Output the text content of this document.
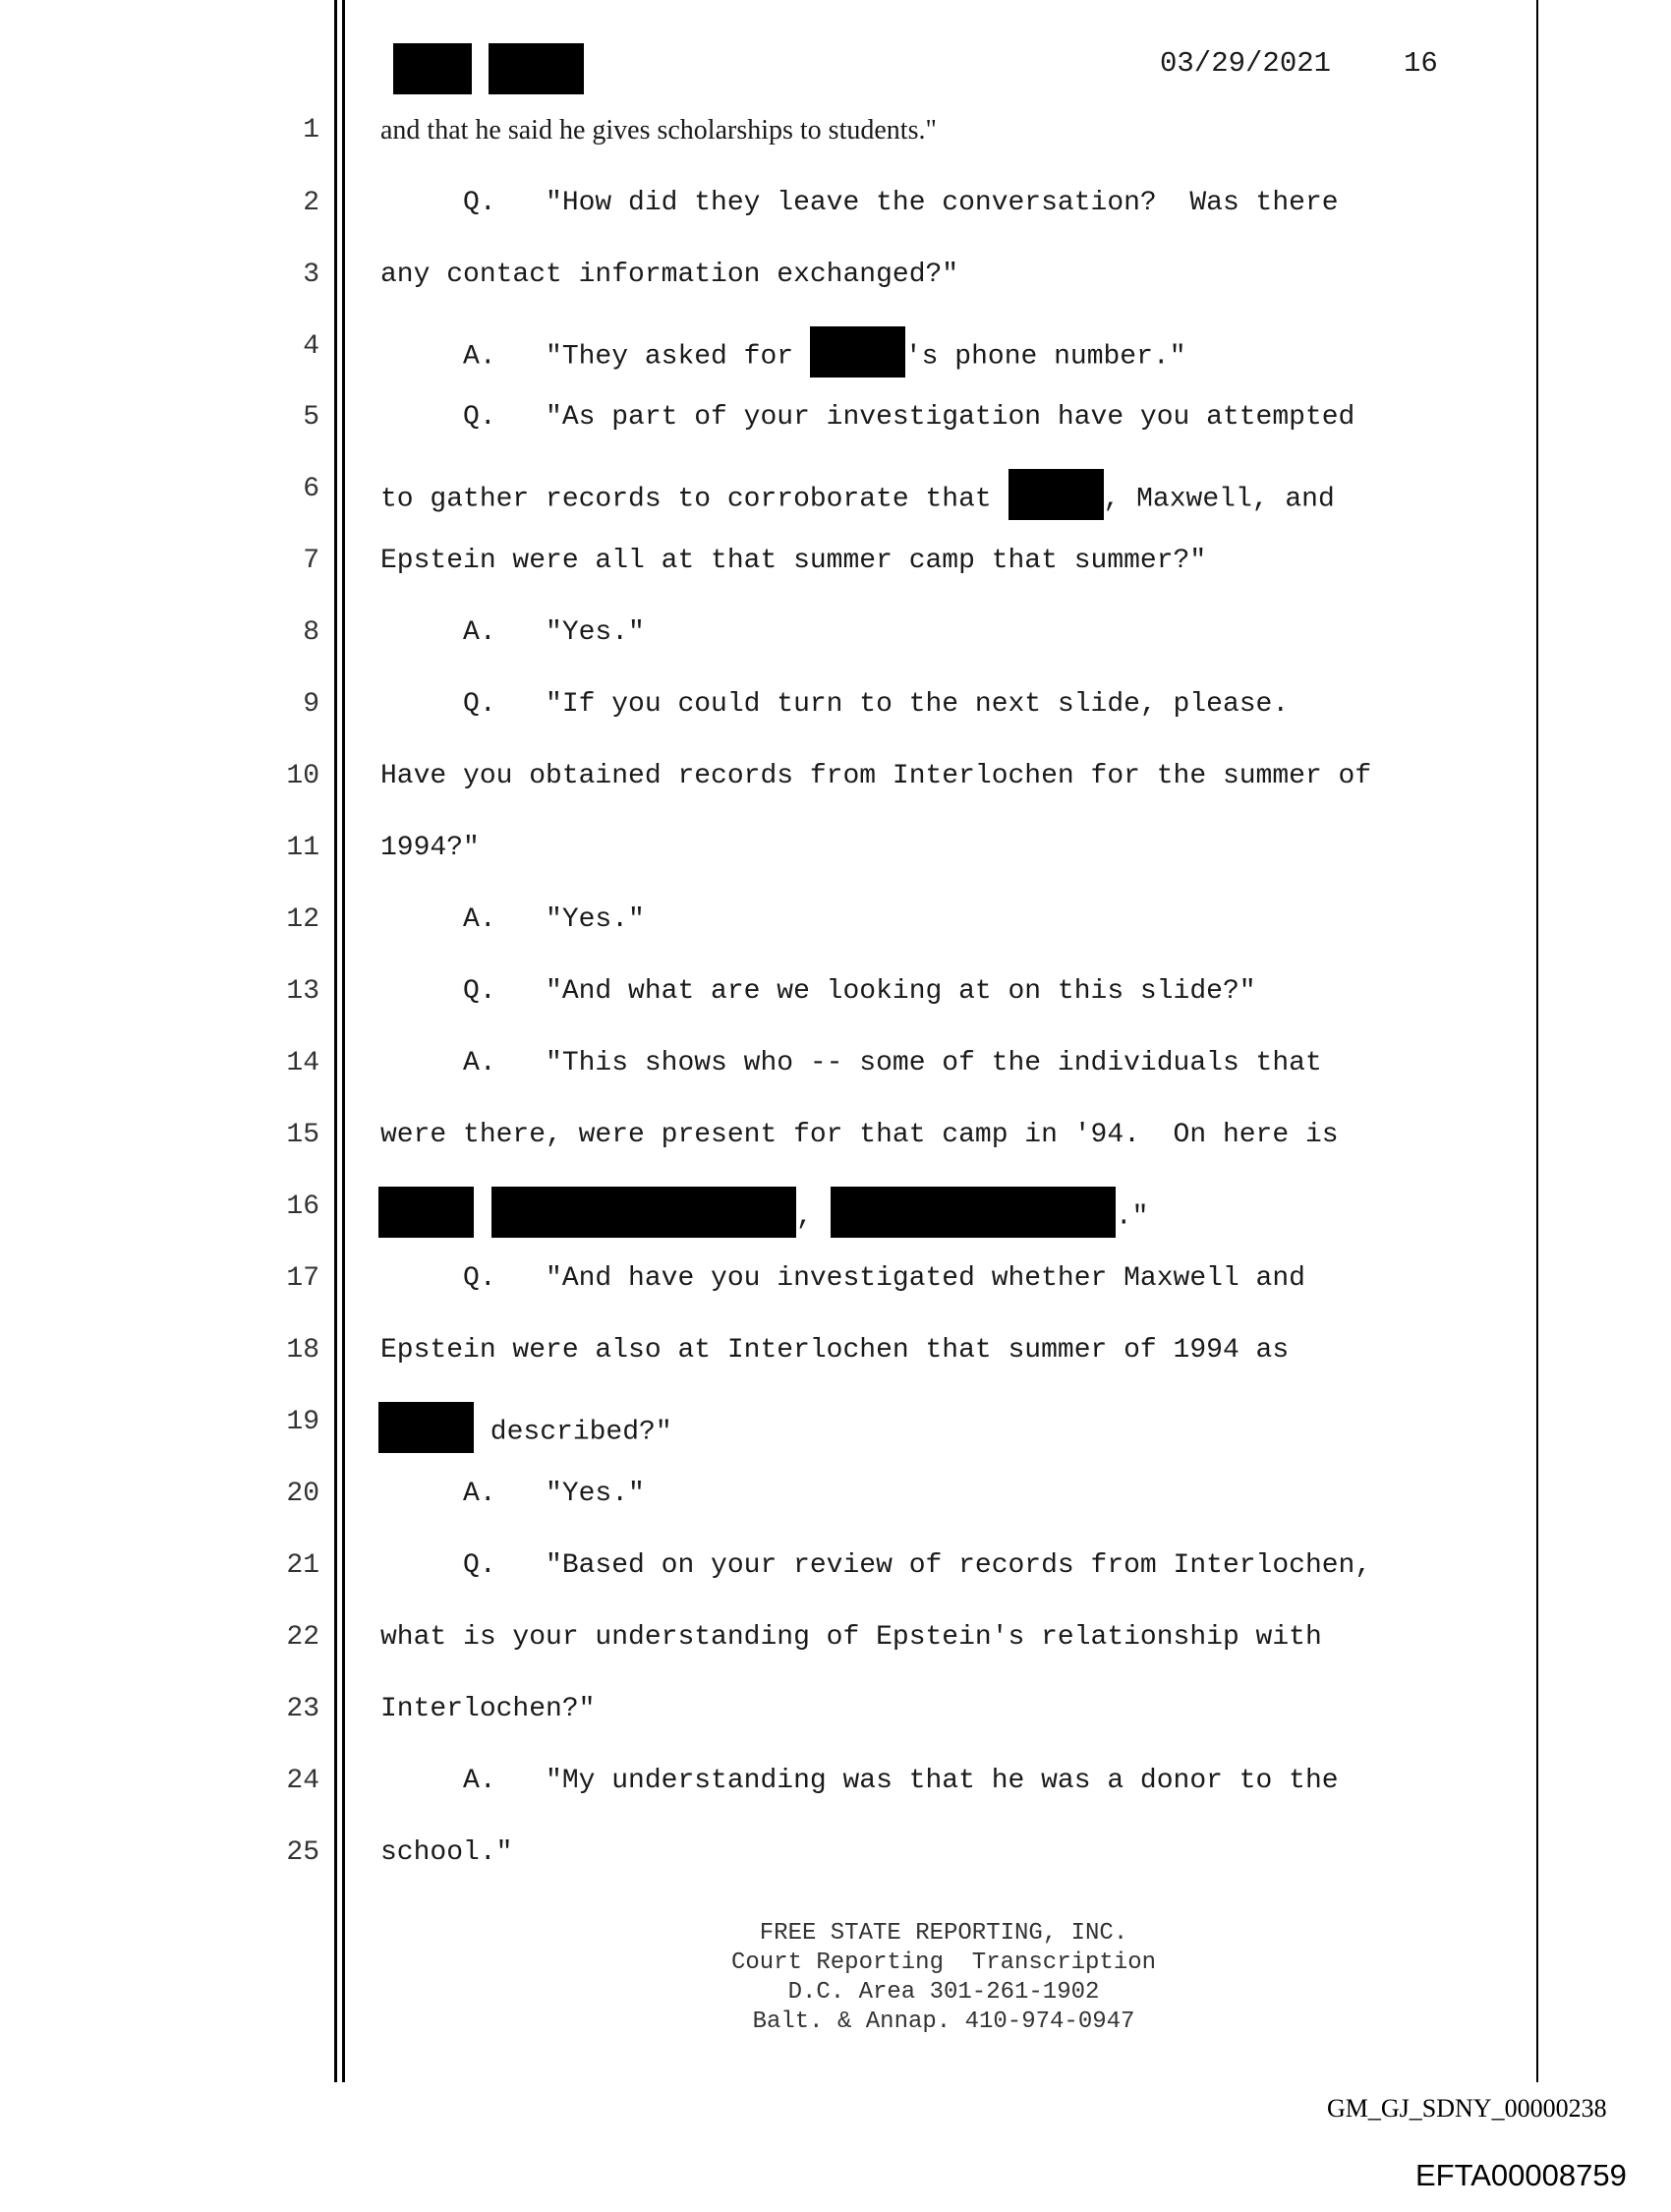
03/29/2021	16
1 and that he said he gives scholarships to students."
2 Q.   "How did they leave the conversation?  Was there
3 any contact information exchanged?"
4 A.   "They asked for	's phone number."
5 Q.   "As part of your investigation have you attempted
6 to gather records to corroborate that	, Maxwell, and
7 Epstein were all at that summer camp that summer?"
8 A.   "Yes."
9 Q.   "If you could turn to the next slide, please.
10 Have you obtained records from Interlochen for the summer of
11 1994?"
12 A.   "Yes."
13 Q.   "And what are we looking at on this slide?"
14 A.   "This shows who -- some of the individuals that
15 were there, were present for that camp in '94.  On here is
16	,	."
17 Q.   "And have you investigated whether Maxwell and
18 Epstein were also at Interlochen that summer of 1994 as
19	described?"
20 A.   "Yes."
21 Q.   "Based on your review of records from Interlochen,
22 what is your understanding of Epstein's relationship with
23 Interlochen?"
24 A.   "My understanding was that he was a donor to the
25 school."
FREE STATE REPORTING, INC.
Court Reporting  Transcription
D.C. Area 301-261-1902
Balt. & Annap. 410-974-0947
GM_GJ_SDNY_00000238
EFTA00008759
